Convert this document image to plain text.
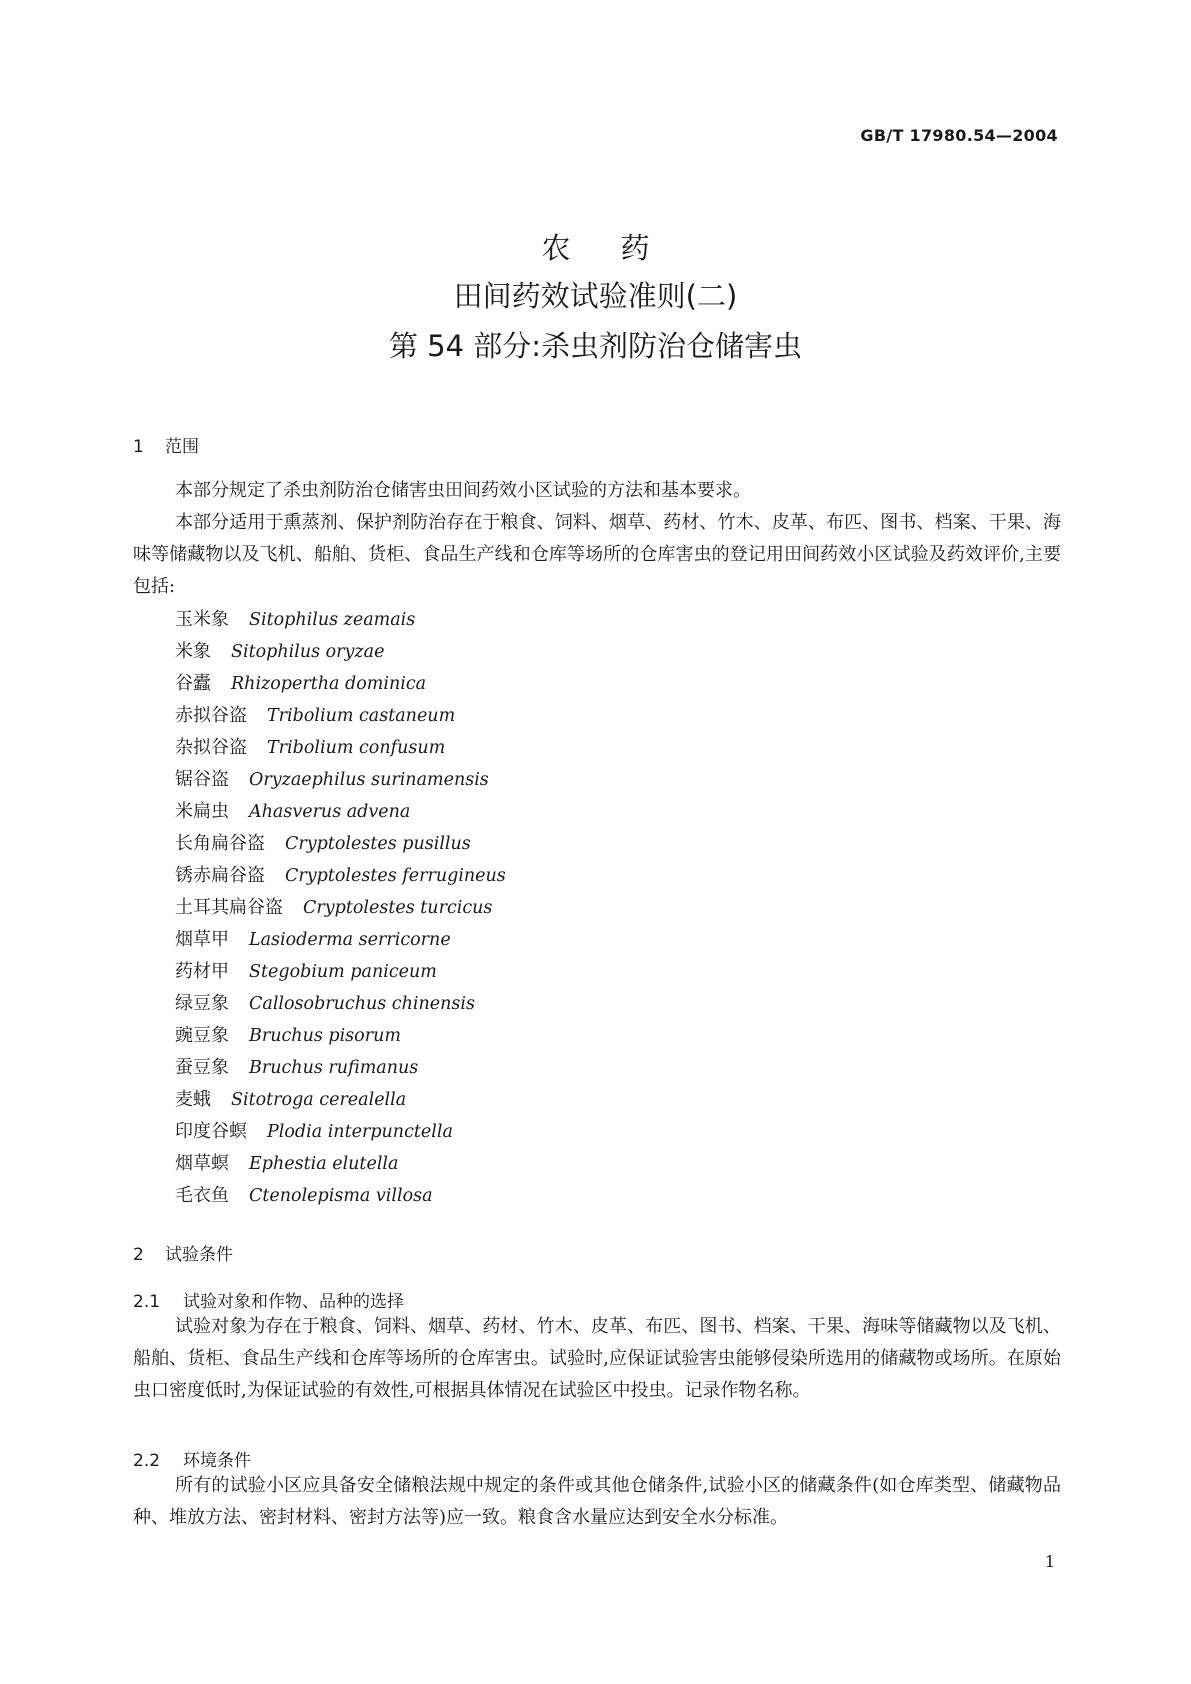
GB/T 17980.54—2004
农药
田间药效试验准则(二)
第 54 部分:杀虫剂防治仓储害虫
1 范围

本部分规定了杀虫剂防治仓储害虫田间药效小区试验的方法和基本要求。

本部分适用于熏蒸剂、保护剂防治存在于粮食、饲料、烟草、药材、竹木、皮革、布匹、图书、档案、干果、海味等储藏物以及飞机、船舶、货柜、食品生产线和仓库等场所的仓库害虫的登记用田间药效小区试验及药效评价,主要包括:

玉米象 Sitophilus zeamais
米象 Sitophilus oryzae
谷蠹 Rhizopertha dominica
赤拟谷盗 Tribolium castaneum
杂拟谷盗 Tribolium confusum
锯谷盗 Oryzaephilus surinamensis
米扁虫 Ahasverus advena
长角扁谷盗 Cryptolestes pusillus
锈赤扁谷盗 Cryptolestes ferrugineus
土耳其扁谷盗 Cryptolestes turcicus
烟草甲 Lasioderma serricorne
药材甲 Stegobium paniceum
绿豆象 Callosobruchus chinensis
豌豆象 Bruchus pisorum
蚕豆象 Bruchus rufimanus
麦蛾 Sitotroga cerealella
印度谷螟 Plodia interpunctella
烟草螟 Ephestia elutella
毛衣鱼 Ctenolepisma villosa
2 试验条件
2.1 试验对象和作物、品种的选择

试验对象为存在于粮食、饲料、烟草、药材、竹木、皮革、布匹、图书、档案、干果、海味等储藏物以及飞机、船舶、货柜、食品生产线和仓库等场所的仓库害虫。试验时,应保证试验害虫能够侵染所选用的储藏物或场所。在原始虫口密度低时,为保证试验的有效性,可根据具体情况在试验区中投虫。记录作物名称。

2.2 环境条件

所有的试验小区应具备安全储粮法规中规定的条件或其他仓储条件,试验小区的储藏条件(如仓库类型、储藏物品种、堆放方法、密封材料、密封方法等)应一致。粮食含水量应达到安全水分标准。

1
